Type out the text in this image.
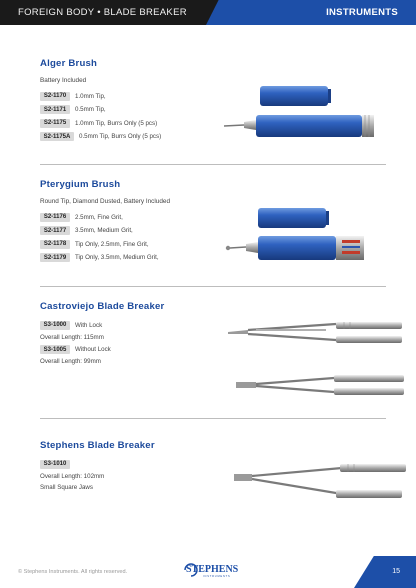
FOREIGN BODY • BLADE BREAKER	INSTRUMENTS
Alger Brush
Battery Included
S2-1170	1.0mm Tip,
S2-1171	0.5mm Tip,
S2-1175	1.0mm Tip, Burrs Only (5 pcs)
S2-1175A	0.5mm Tip, Burrs Only (5 pcs)
Pterygium Brush
Round Tip, Diamond Dusted, Battery Included
S2-1176	2.5mm, Fine Grit,
S2-1177	3.5mm, Medium Grit,
S2-1178	Tip Only, 2.5mm, Fine Grit,
S2-1179	Tip Only, 3.5mm, Medium Grit,
Castroviejo Blade Breaker
S3-1000	With Lock
Overall Length: 115mm
S3-1005	Without Lock
Overall Length: 99mm
Stephens Blade Breaker
S3-1010
Overall Length: 102mm
Small Square Jaws
© Stephens Instruments. All rights reserved.	STEPHENS
INSTRUMENTS
15
